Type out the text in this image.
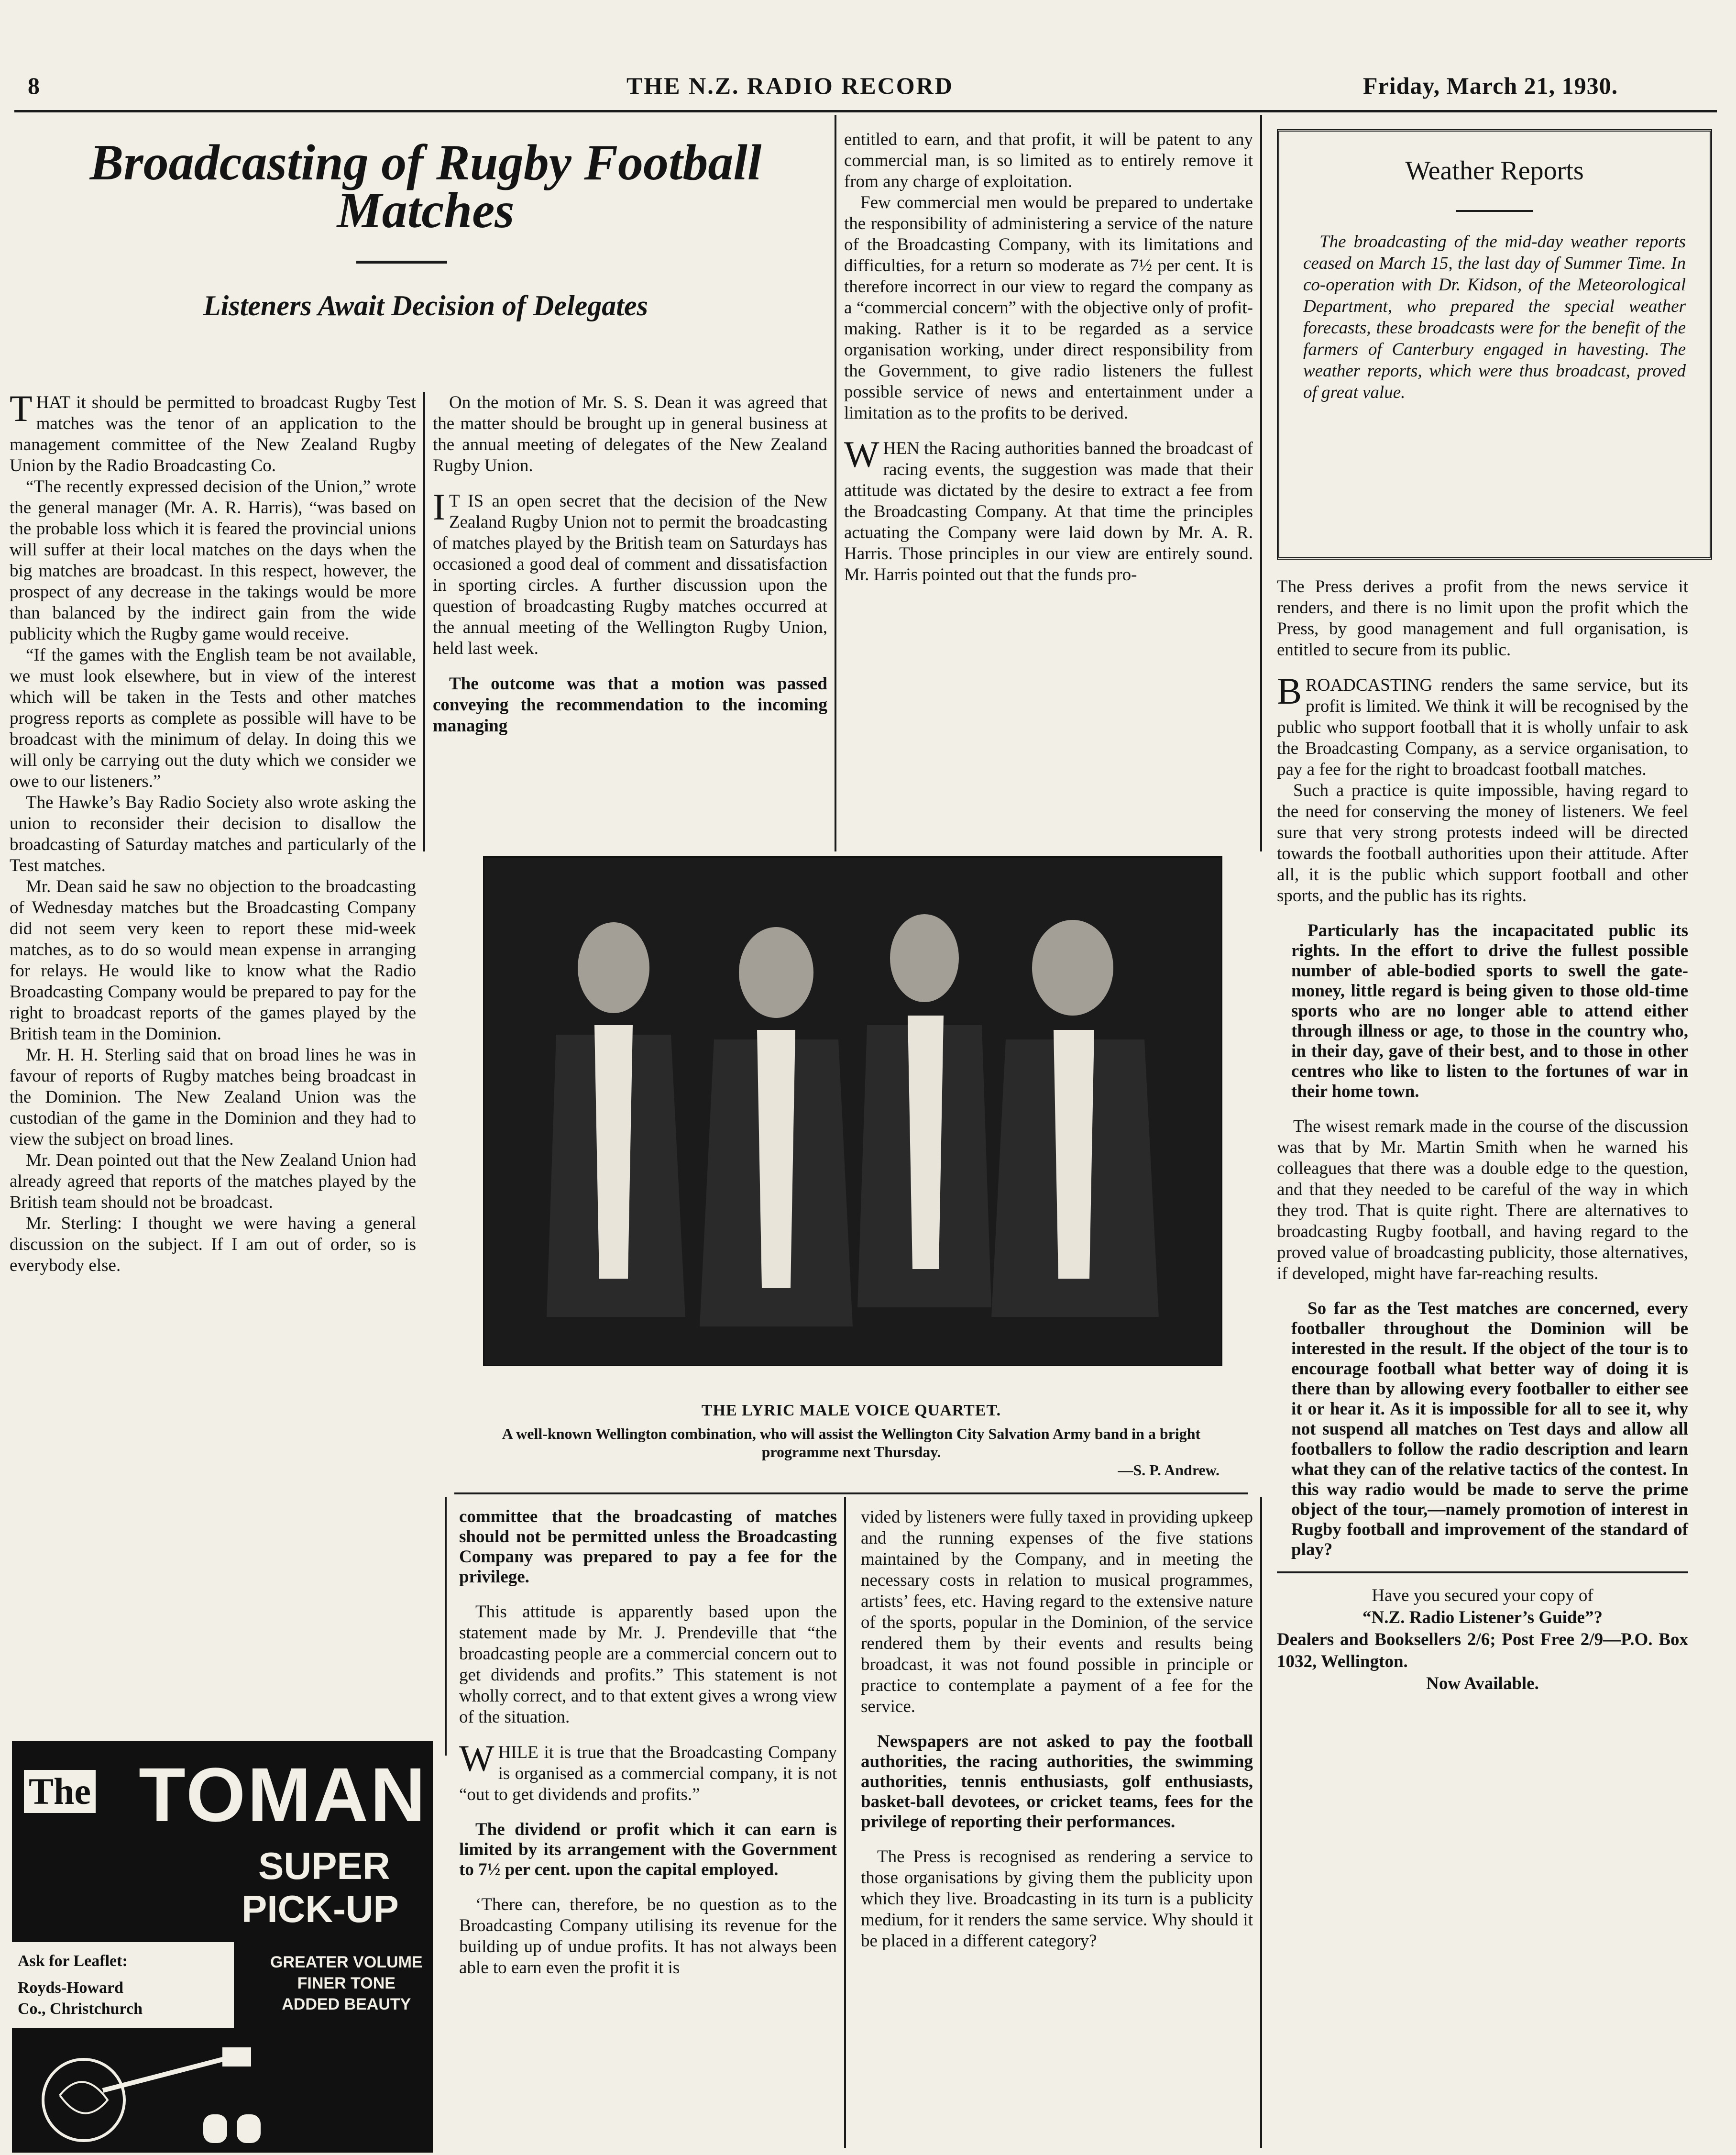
8	THE N.Z. RADIO RECORD	Friday, March 21, 1930.
Broadcasting of Rugby Football
Matches
Listeners Await Decision of Delegates

THAT it should be permitted to broadcast Rugby Test matches was the tenor of an application to the management committee of the New Zealand Rugby Union by the Radio Broadcasting Co.

“The recently expressed decision of the Union,” wrote the general manager (Mr. A. R. Harris), “was based on the probable loss which it is feared the provincial unions will suffer at their local matches on the days when the big matches are broadcast. In this respect, however, the prospect of any decrease in the takings would be more than balanced by the indirect gain from the wide publicity which the Rugby game would receive.

“If the games with the English team be not available, we must look elsewhere, but in view of the interest which will be taken in the Tests and other matches progress reports as complete as possible will have to be broadcast with the minimum of delay. In doing this we will only be carrying out the duty which we consider we owe to our listeners.”

The Hawke’s Bay Radio Society also wrote asking the union to reconsider their decision to disallow the broadcasting of Saturday matches and particularly of the Test matches.

Mr. Dean said he saw no objection to the broadcasting of Wednesday matches but the Broadcasting Company did not seem very keen to report these mid-week matches, as to do so would mean expense in arranging for relays. He would like to know what the Radio Broadcasting Company would be prepared to pay for the right to broadcast reports of the games played by the British team in the Dominion.

Mr. H. H. Sterling said that on broad lines he was in favour of reports of Rugby matches being broadcast in the Dominion. The New Zealand Union was the custodian of the game in the Dominion and they had to view the subject on broad lines.

Mr. Dean pointed out that the New Zealand Union had already agreed that reports of the matches played by the British team should not be broadcast.

Mr. Sterling: I thought we were having a general discussion on the subject. If I am out of order, so is everybody else.

On the motion of Mr. S. S. Dean it was agreed that the matter should be brought up in general business at the annual meeting of delegates of the New Zealand Rugby Union.

I T IS an open secret that the decision of the New Zealand Rugby Union not to permit the broadcasting of matches played by the British team on Saturdays has occasioned a good deal of comment and dissatisfaction in sporting circles. A further discussion upon the question of broadcasting Rugby matches occurred at the annual meeting of the Wellington Rugby Union, held last week.

The outcome was that a motion was passed conveying the recommendation to the incoming managing

entitled to earn, and that profit, it will be patent to any commercial man, is so limited as to entirely remove it from any charge of exploitation.

Few commercial men would be prepared to undertake the responsibility of administering a service of the nature of the Broadcasting Company, with its limitations and difficulties, for a return so moderate as 7½ per cent. It is therefore incorrect in our view to regard the company as a “commercial concern” with the objective only of profit-making. Rather is it to be regarded as a service organisation working, under direct responsibility from the Government, to give radio listeners the fullest possible service of news and entertainment under a limitation as to the profits to be derived.

WHEN the Racing authorities banned the broadcast of racing events, the suggestion was made that their attitude was dictated by the desire to extract a fee from the Broadcasting Company. At that time the principles actuating the Company were laid down by Mr. A. R. Harris. Those principles in our view are entirely sound. Mr. Harris pointed out that the funds pro-

Weather Reports
The broadcasting of the mid-day weather reports ceased on March 15, the last day of Summer Time. In co-operation with Dr. Kidson, of the Meteorological Department, who prepared the special weather forecasts, these broadcasts were for the benefit of the farmers of Canterbury engaged in havesting. The weather reports, which were thus broadcast, proved of great value.

The Press derives a profit from the news service it renders, and there is no limit upon the profit which the Press, by good management and full organisation, is entitled to secure from its public.

BROADCASTING renders the same service, but its profit is limited. We think it will be recognised by the public who support football that it is wholly unfair to ask the Broadcasting Company, as a service organisation, to pay a fee for the right to broadcast football matches.

Such a practice is quite impossible, having regard to the need for conserving the money of listeners. We feel sure that very strong protests indeed will be directed towards the football authorities upon their attitude. After all, it is the public which support football and other sports, and the public has its rights.

Particularly has the incapacitated public its rights. In the effort to drive the fullest possible number of able-bodied sports to swell the gate-money, little regard is being given to those old-time sports who are no longer able to attend either through illness or age, to those in the country who, in their day, gave of their best, and to those in other centres who like to listen to the fortunes of war in their home town.

The wisest remark made in the course of the discussion was that by Mr. Martin Smith when he warned his colleagues that there was a double edge to the question, and that they needed to be careful of the way in which they trod. That is quite right. There are alternatives to broadcasting Rugby football, and having regard to the proved value of broadcasting publicity, those alternatives, if developed, might have far-reaching results.

So far as the Test matches are concerned, every footballer throughout the Dominion will be interested in the result. If the object of the tour is to encourage football what better way of doing it is there than by allowing every footballer to either see it or hear it. As it is impossible for all to see it, why not suspend all matches on Test days and allow all footballers to follow the radio description and learn what they can of the relative tactics of the contest. In this way radio would be made to serve the prime object of the tour,—namely promotion of interest in Rugby football and improvement of the standard of play?

Have you secured your copy of
“N.Z. Radio Listener’s Guide”?
Dealers and Booksellers 2/6; Post Free 2/9—P.O. Box 1032, Wellington.
Now Available.
THE LYRIC MALE VOICE QUARTET.
A well-known Wellington combination, who will assist the Wellington City Salvation Army band in a bright programme next Thursday.
—S. P. Andrew.

committee that the broadcasting of matches should not be permitted unless the Broadcasting Company was prepared to pay a fee for the privilege.

This attitude is apparently based upon the statement made by Mr. J. Prendeville that “the broadcasting people are a commercial concern out to get dividends and profits.” This statement is not wholly correct, and to that extent gives a wrong view of the situation.

WHILE it is true that the Broadcasting Company is organised as a commercial company, it is not “out to get dividends and profits.”

The dividend or profit which it can earn is limited by its arrangement with the Government to 7½ per cent. upon the capital employed.

‘There can, therefore, be no question as to the Broadcasting Company utilising its revenue for the building up of undue profits. It has not always been able to earn even the profit it is

vided by listeners were fully taxed in providing upkeep and the running expenses of the five stations maintained by the Company, and in meeting the necessary costs in relation to musical programmes, artists’ fees, etc. Having regard to the extensive nature of the sports, popular in the Dominion, of the service rendered them by their events and results being broadcast, it was not found possible in principle or practice to contemplate a payment of a fee for the service.

Newspapers are not asked to pay the football authorities, the racing authorities, the swimming authorities, tennis enthusiasts, golf enthusiasts, basket-ball devotees, or cricket teams, fees for the privilege of reporting their performances.

The Press is recognised as rendering a service to those organisations by giving them the publicity upon which they live. Broadcasting in its turn is a publicity medium, for it renders the same service. Why should it be placed in a different category?

The TOMAN
SUPER
PICK-UP
Ask for Leaflet:
Royds-Howard
Co., Christchurch
GREATER VOLUME
FINER TONE
ADDED BEAUTY
